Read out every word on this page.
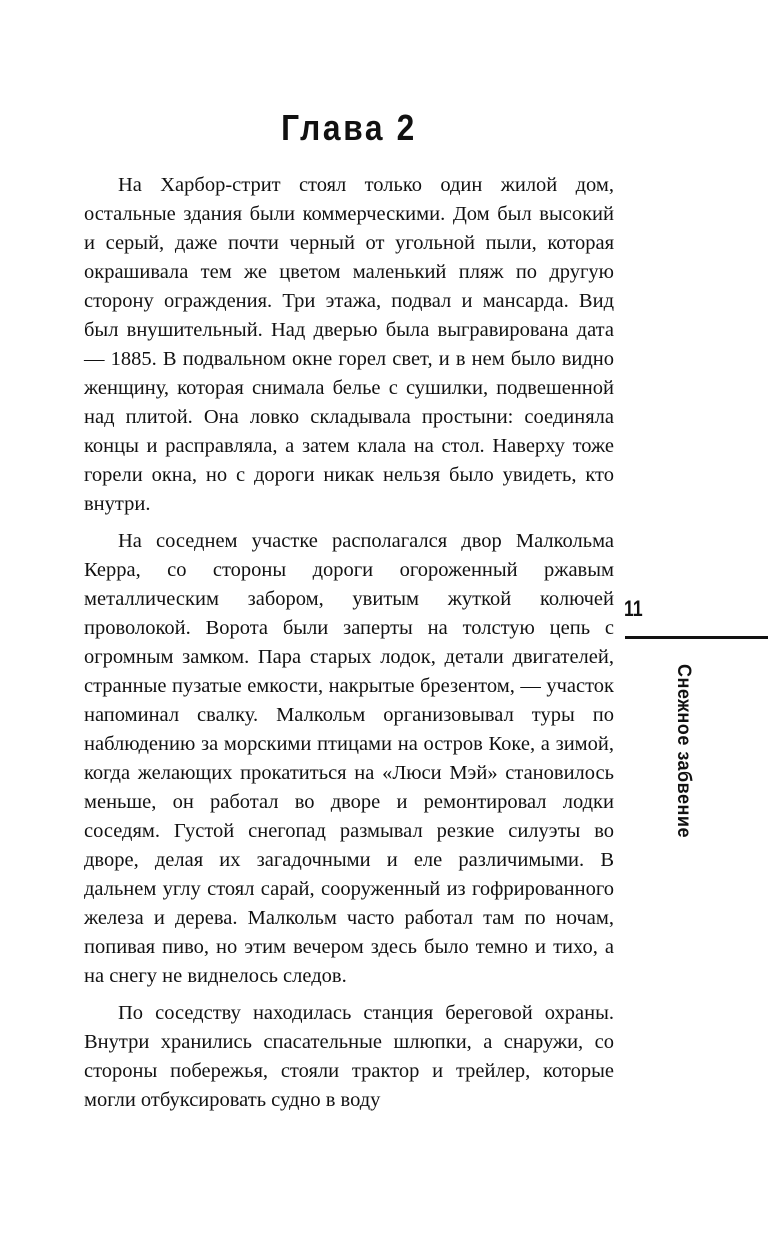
Глава 2

На Харбор-стрит стоял только один жилой дом, остальные здания были коммерческими. Дом был высокий и серый, даже почти черный от угольной пыли, которая окрашивала тем же цветом маленький пляж по другую сторону ограждения. Три этажа, подвал и мансарда. Вид был внушительный. Над дверью была выгравирована дата — 1885. В подвальном окне горел свет, и в нем было видно женщину, которая снимала белье с сушилки, подвешенной над плитой. Она ловко складывала простыни: соединяла концы и расправляла, а затем клала на стол. Наверху тоже горели окна, но с дороги никак нельзя было увидеть, кто внутри.

На соседнем участке располагался двор Малкольма Керра, со стороны дороги огороженный ржавым металлическим забором, увитым жуткой колючей проволокой. Ворота были заперты на толстую цепь с огромным замком. Пара старых лодок, детали двигателей, странные пузатые емкости, накрытые брезентом, — участок напоминал свалку. Малкольм организовывал туры по наблюдению за морскими птицами на остров Коке, а зимой, когда желающих прокатиться на «Люси Мэй» становилось меньше, он работал во дворе и ремонтировал лодки соседям. Густой снегопад размывал резкие силуэты во дворе, делая их загадочными и еле различимыми. В дальнем углу стоял сарай, сооруженный из гофрированного железа и дерева. Малкольм часто работал там по ночам, попивая пиво, но этим вечером здесь было темно и тихо, а на снегу не виднелось следов.

По соседству находилась станция береговой охраны. Внутри хранились спасательные шлюпки, а снаружи, со стороны побережья, стояли трактор и трейлер, которые могли отбуксировать судно в воду

11
Снежное забвение
